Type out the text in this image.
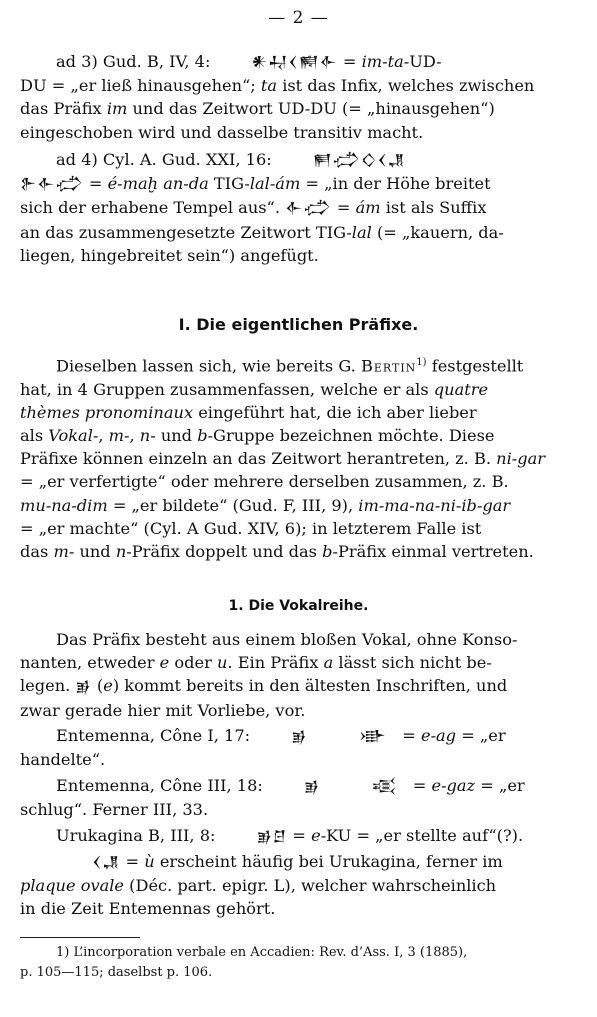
— 2 —

ad 3) Gud. B, IV, 4:	𒀭𒄷𒌋𒆍𒅆 = im-ta-UD-

DU = „er ließ hinausgehen“; ta ist das Infix, welches zwischen

das Präfix im und das Zeitwort UD-DU (= „hinausgehen“)

eingeschoben wird und dasselbe transitiv macht.

ad 4) Cyl. A. Gud. XXI, 16:	𒂍𒈤𒄭𒌋𒂗

𒉿𒅆𒈤 = é-maḫ an-da TIG-lal-ám = „in der Höhe breitet

sich der erhabene Tempel aus“. 𒅆𒈤 = ám ist als Suffix

an das zusammengesetzte Zeitwort TIG-lal (= „kauern, da-

liegen, hingebreitet sein“) angefügt.

I. Die eigentlichen Präfixe.

Dieselben lassen sich, wie bereits G. Bertin$^{1)}$ festgestellt

hat, in 4 Gruppen zusammenfassen, welche er als quatre

thèmes pronominaux eingeführt hat, die ich aber lieber

als Vokal-, m-, n- und b-Gruppe bezeichnen möchte. Diese

Präfixe können einzeln an das Zeitwort herantreten, z. B. ni-gar

= „er verfertigte“ oder mehrere derselben zusammen, z. B.

mu-na-dim = „er bildete“ (Gud. F, III, 9), im-ma-na-ni-ib-gar

= „er machte“ (Cyl. A Gud. XIV, 6); in letzterem Falle ist

das m- und n-Präfix doppelt und das b-Präfix einmal vertreten.

1. Die Vokalreihe.

Das Präfix besteht aus einem bloßen Vokal, ohne Konso-

nanten, etweder e oder u. Ein Präfix a lässt sich nicht be-

legen. 𒂊 (e) kommt bereits in den ältesten Inschriften, und

zwar gerade hier mit Vorliebe, vor.

Entemenna, Cône I, 17:	𒂊	𒀝 = e-ag = „er

handelte“.

Entemenna, Cône III, 18:	𒂊	𒄤 = e-gaz = „er

schlug“. Ferner III, 33.

Urukagina B, III, 8: 𒂊𒆪 = e-KU = „er stellte auf“(?).

𒌋𒂗 = ù erscheint häufig bei Urukagina, ferner im

plaque ovale (Déc. part. epigr. L), welcher wahrscheinlich

in die Zeit Entemennas gehört.

1) L’incorporation verbale en Accadien: Rev. d’Ass. I, 3 (1885),

p. 105—115; daselbst p. 106.
